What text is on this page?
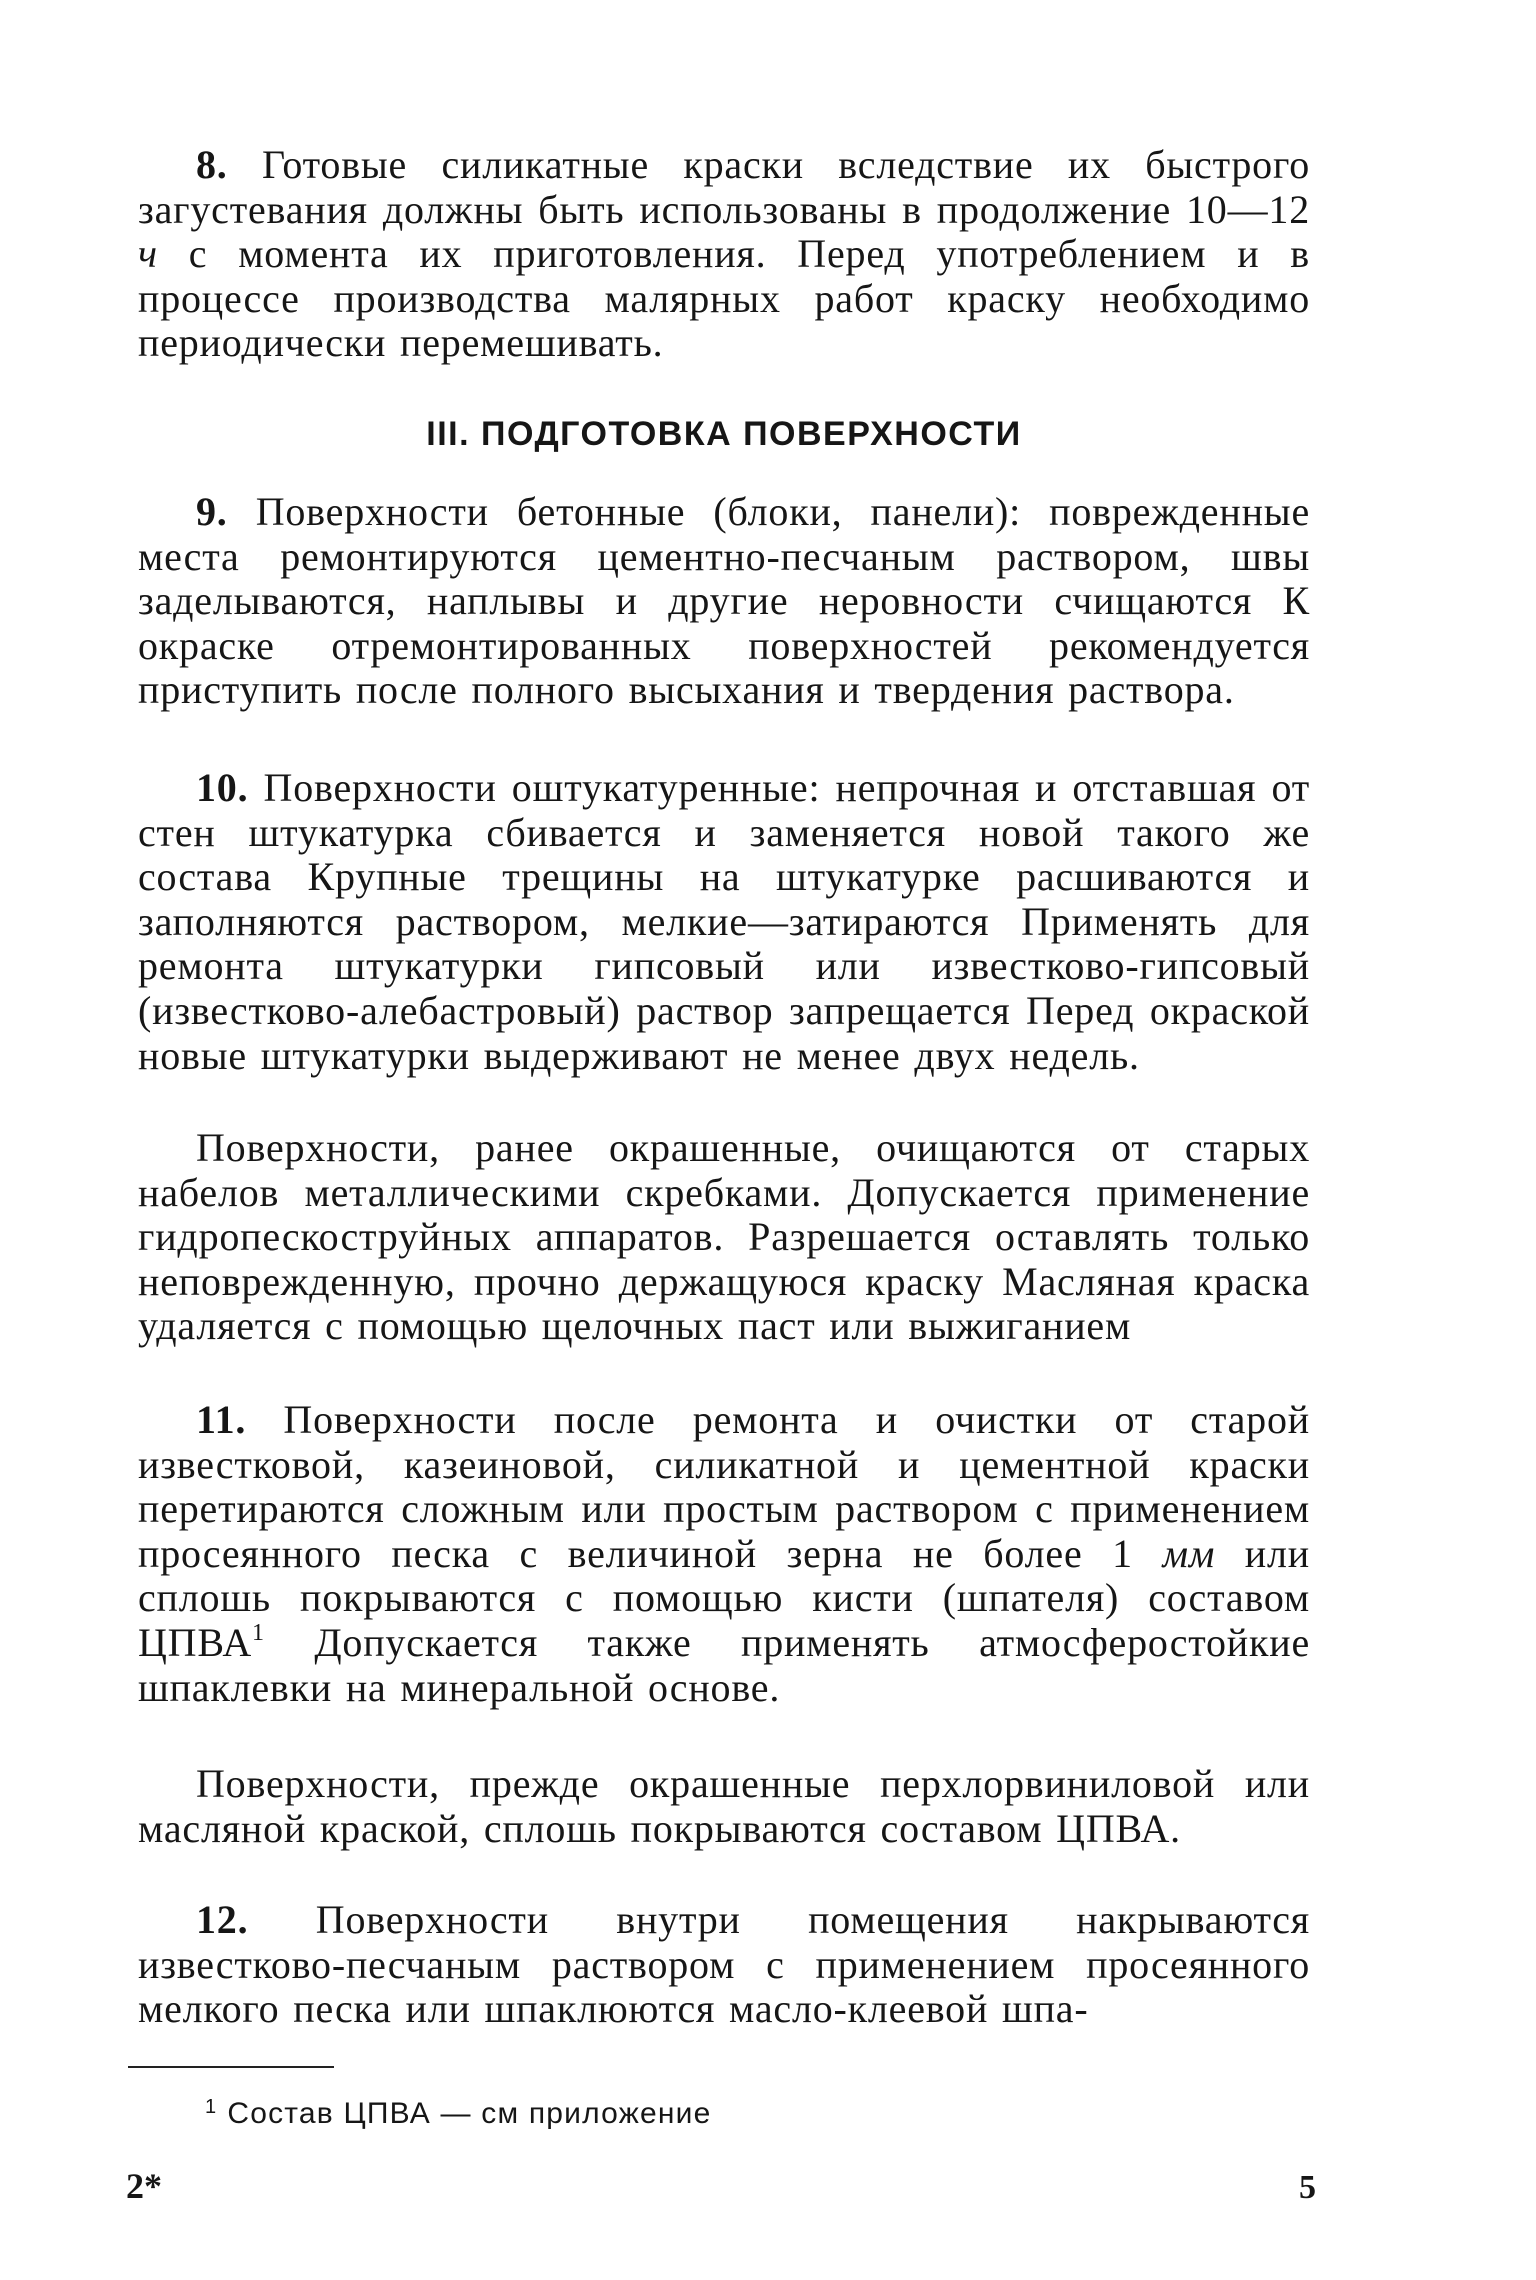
8. Готовые силикатные краски вследствие их быстрого загустевания должны быть использованы в продолжение 10—12 ч с момента их приготовления. Перед употреблением и в процессе производства малярных работ краску необходимо периодически перемешивать.

III. ПОДГОТОВКА ПОВЕРХНОСТИ

9. Поверхности бетонные (блоки, панели): поврежденные места ремонтируются цементно-песчаным раствором, швы заделываются, наплывы и другие неровности счищаются К окраске отремонтированных поверхностей рекомендуется приступить после полного высыхания и твердения раствора.

10. Поверхности оштукатуренные: непрочная и отставшая от стен штукатурка сбивается и заменяется новой такого же состава Крупные трещины на штукатурке расшиваются и заполняются раствором, мелкие—затираются Применять для ремонта штукатурки гипсовый или известково-гипсовый (известково-алебастровый) раствор запрещается Перед окраской новые штукатурки выдерживают не менее двух недель.

Поверхности, ранее окрашенные, очищаются от старых набелов металлическими скребками. Допускается применение гидропескоструйных аппаратов. Разрешается оставлять только неповрежденную, прочно держащуюся краску Масляная краска удаляется с помощью щелочных паст или выжиганием

11. Поверхности после ремонта и очистки от старой известковой, казеиновой, силикатной и цементной краски перетираются сложным или простым раствором с применением просеянного песка с величиной зерна не более 1 мм или сплошь покрываются с помощью кисти (шпателя) составом ЦПВА$^1$ Допускается также применять атмосферостойкие шпаклевки на минеральной основе.

Поверхности, прежде окрашенные перхлорвиниловой или масляной краской, сплошь покрываются составом ЦПВА.

12. Поверхности внутри помещения накрываются известково-песчаным раствором с применением просеянного мелкого песка или шпаклюются масло-клеевой шпа-

$^1$ Состав ЦПВА — см приложение

2*	5
